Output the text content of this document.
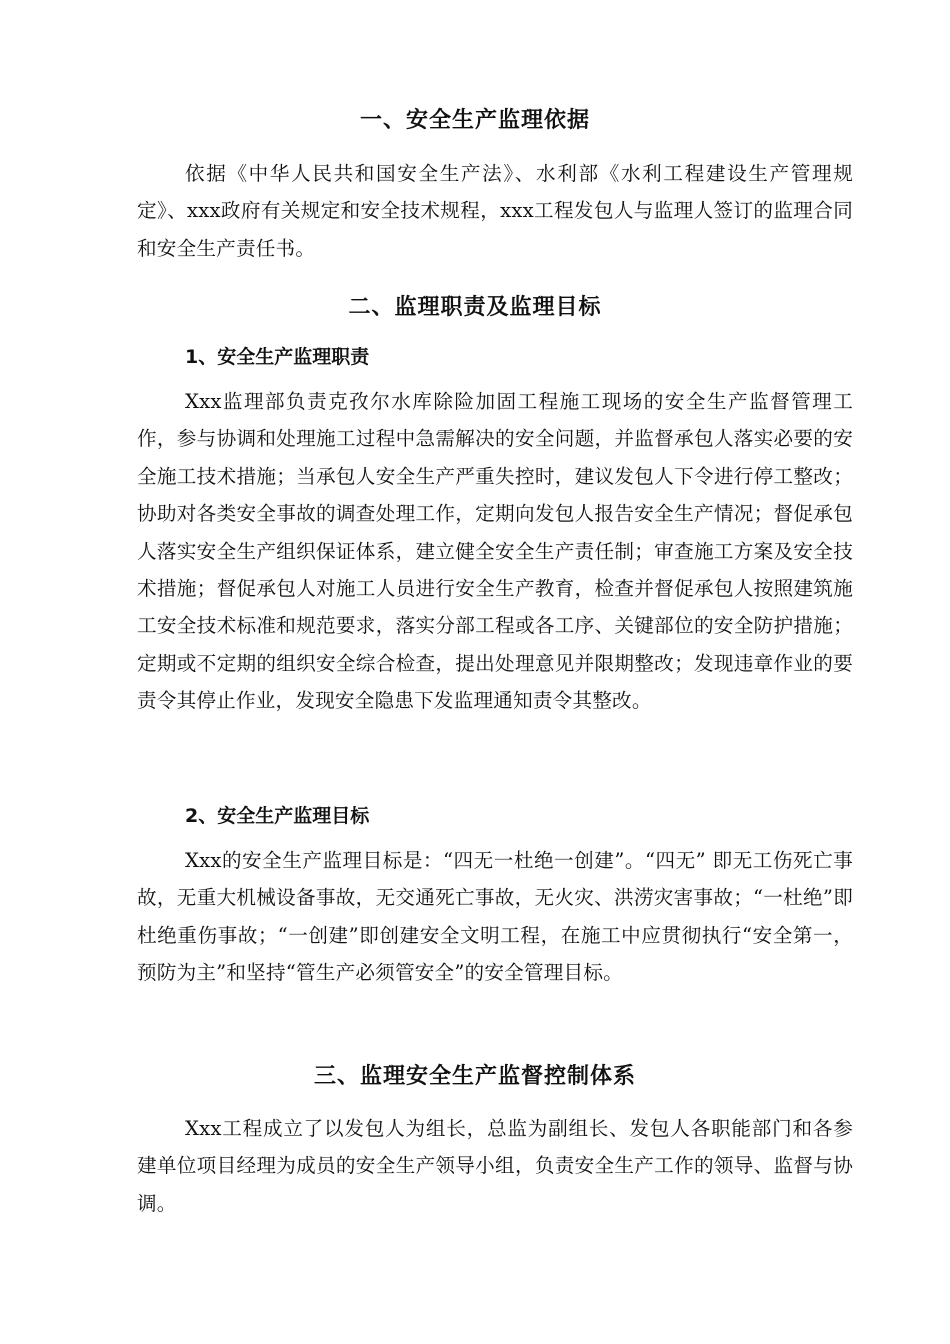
一、安全生产监理依据

依据《中华人民共和国安全生产法》、水利部《水利工程建设生产管理规定》、xxx政府有关规定和安全技术规程，xxx工程发包人与监理人签订的监理合同和安全生产责任书。

二、监理职责及监理目标
1、安全生产监理职责

Xxx监理部负责克孜尔水库除险加固工程施工现场的安全生产监督管理工作，参与协调和处理施工过程中急需解决的安全问题，并监督承包人落实必要的安全施工技术措施；当承包人安全生产严重失控时，建议发包人下令进行停工整改；协助对各类安全事故的调查处理工作，定期向发包人报告安全生产情况；督促承包人落实安全生产组织保证体系，建立健全安全生产责任制；审查施工方案及安全技术措施；督促承包人对施工人员进行安全生产教育，检查并督促承包人按照建筑施工安全技术标准和规范要求，落实分部工程或各工序、关键部位的安全防护措施；定期或不定期的组织安全综合检查，提出处理意见并限期整改；发现违章作业的要责令其停止作业，发现安全隐患下发监理通知责令其整改。

2、安全生产监理目标

Xxx的安全生产监理目标是：“四无一杜绝一创建”。“四无” 即无工伤死亡事故，无重大机械设备事故，无交通死亡事故，无火灾、洪涝灾害事故；“一杜绝”即杜绝重伤事故；“一创建”即创建安全文明工程，在施工中应贯彻执行“安全第一，预防为主”和坚持“管生产必须管安全”的安全管理目标。

三、监理安全生产监督控制体系

Xxx工程成立了以发包人为组长，总监为副组长、发包人各职能部门和各参建单位项目经理为成员的安全生产领导小组，负责安全生产工作的领导、监督与协调。
